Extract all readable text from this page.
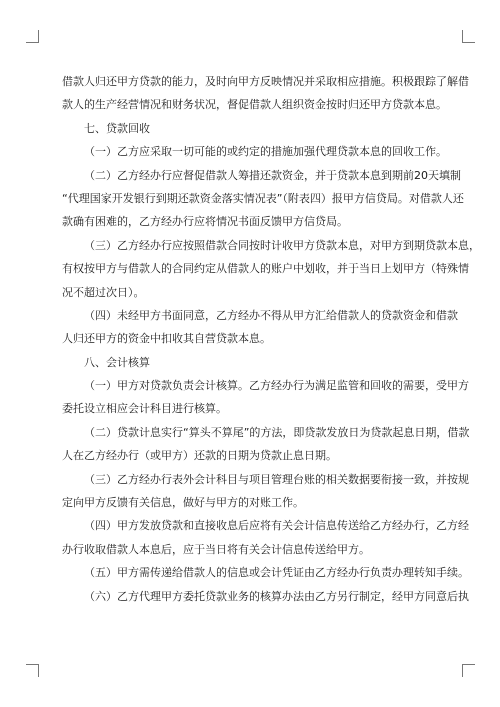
借款人归还甲方贷款的能力，及时向甲方反映情况并采取相应措施。积极跟踪了解借
款人的生产经营情况和财务状况，督促借款人组织资金按时归还甲方贷款本息。
七、贷款回收
（一）乙方应采取一切可能的或约定的措施加强代理贷款本息的回收工作。
（二）乙方经办行应督促借款人筹措还款资金，并于贷款本息到期前20天填制
“代理国家开发银行到期还款资金落实情况表”（附表四）报甲方信贷局。对借款人还
款确有困难的，乙方经办行应将情况书面反馈甲方信贷局。
（三）乙方经办行应按照借款合同按时计收甲方贷款本息，对甲方到期贷款本息，
有权按甲方与借款人的合同约定从借款人的账户中划收，并于当日上划甲方（特殊情
况不超过次日）。
（四）未经甲方书面同意，乙方经办不得从甲方汇给借款人的贷款资金和借款
人归还甲方的资金中扣收其自营贷款本息。
八、会计核算
（一）甲方对贷款负责会计核算。乙方经办行为满足监管和回收的需要，受甲方
委托设立相应会计科目进行核算。
（二）贷款计息实行“算头不算尾”的方法，即贷款发放日为贷款起息日期，借款
人在乙方经办行（或甲方）还款的日期为贷款止息日期。
（三）乙方经办行表外会计科目与项目管理台账的相关数据要衔接一致，并按规
定向甲方反馈有关信息，做好与甲方的对账工作。
（四）甲方发放贷款和直接收息后应将有关会计信息传送给乙方经办行，乙方经
办行收取借款人本息后，应于当日将有关会计信息传送给甲方。
（五）甲方需传递给借款人的信息或会计凭证由乙方经办行负责办理转知手续。
（六）乙方代理甲方委托贷款业务的核算办法由乙方另行制定，经甲方同意后执
